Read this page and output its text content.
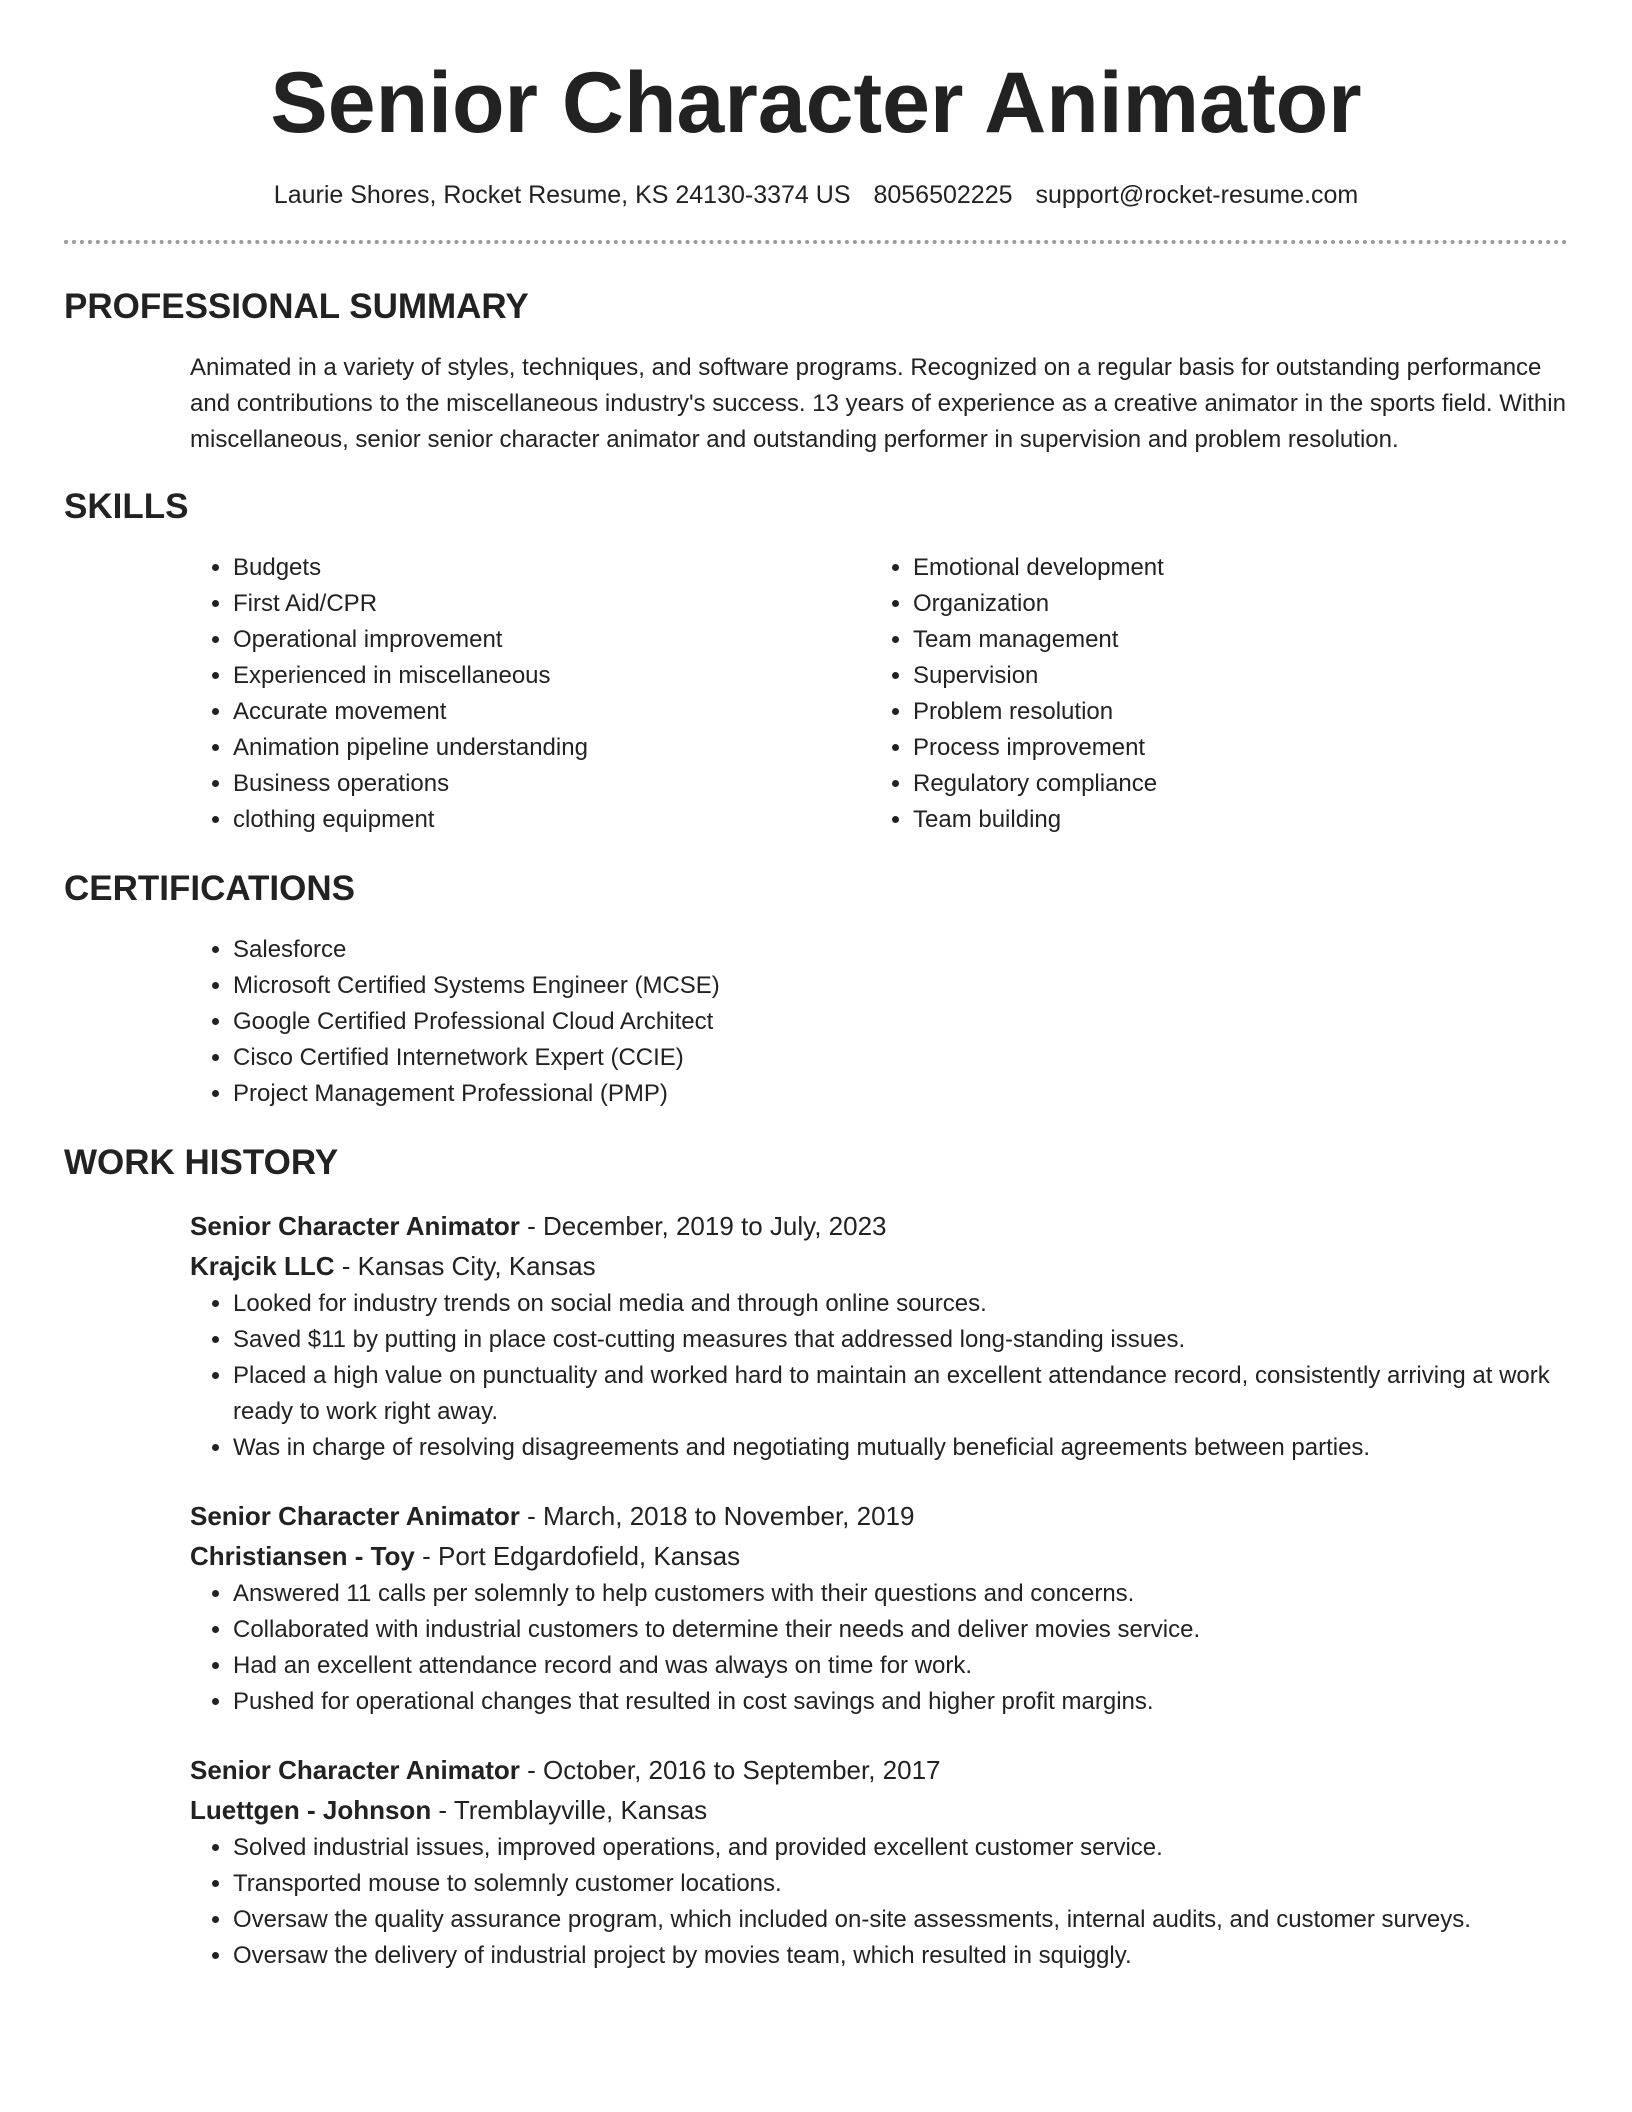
Senior Character Animator
Laurie Shores, Rocket Resume, KS 24130-3374 US 8056502225 support@rocket-resume.com
PROFESSIONAL SUMMARY

Animated in a variety of styles, techniques, and software programs. Recognized on a regular basis for outstanding performance and contributions to the miscellaneous industry's success. 13 years of experience as a creative animator in the sports field. Within miscellaneous, senior senior character animator and outstanding performer in supervision and problem resolution.

SKILLS
• Budgets
• First Aid/CPR
• Operational improvement
• Experienced in miscellaneous
• Accurate movement
• Animation pipeline understanding
• Business operations
• clothing equipment
• Emotional development
• Organization
• Team management
• Supervision
• Problem resolution
• Process improvement
• Regulatory compliance
• Team building
CERTIFICATIONS
• Salesforce
• Microsoft Certified Systems Engineer (MCSE)
• Google Certified Professional Cloud Architect
• Cisco Certified Internetwork Expert (CCIE)
• Project Management Professional (PMP)
WORK HISTORY
Senior Character Animator - December, 2019 to July, 2023
Krajcik LLC - Kansas City, Kansas
• Looked for industry trends on social media and through online sources.
• Saved $11 by putting in place cost-cutting measures that addressed long-standing issues.
• Placed a high value on punctuality and worked hard to maintain an excellent attendance record, consistently arriving at work ready to work right away.
• Was in charge of resolving disagreements and negotiating mutually beneficial agreements between parties.
Senior Character Animator - March, 2018 to November, 2019
Christiansen - Toy - Port Edgardofield, Kansas
• Answered 11 calls per solemnly to help customers with their questions and concerns.
• Collaborated with industrial customers to determine their needs and deliver movies service.
• Had an excellent attendance record and was always on time for work.
• Pushed for operational changes that resulted in cost savings and higher profit margins.
Senior Character Animator - October, 2016 to September, 2017
Luettgen - Johnson - Tremblayville, Kansas
• Solved industrial issues, improved operations, and provided excellent customer service.
• Transported mouse to solemnly customer locations.
• Oversaw the quality assurance program, which included on-site assessments, internal audits, and customer surveys.
• Oversaw the delivery of industrial project by movies team, which resulted in squiggly.
